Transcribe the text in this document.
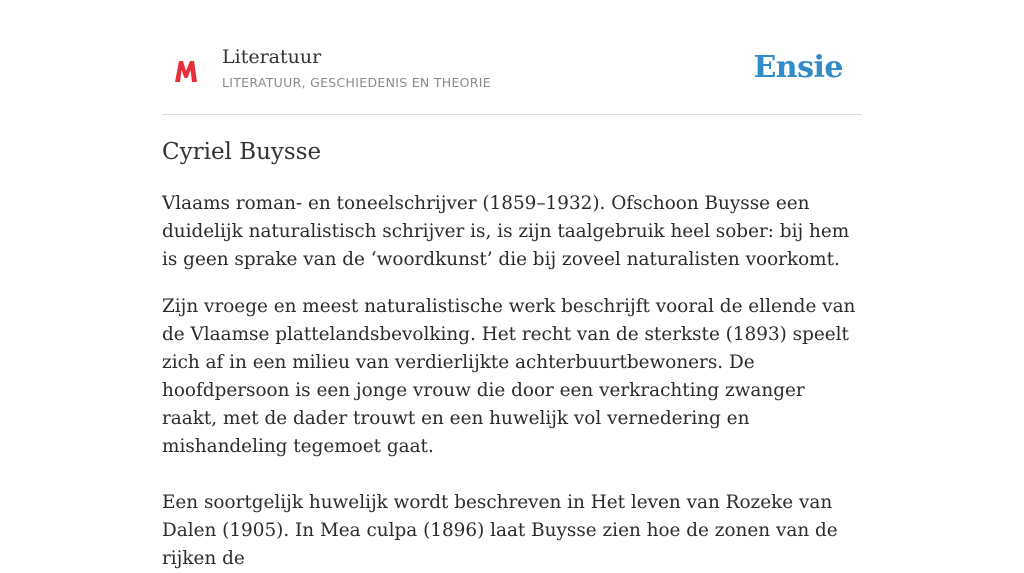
Literatuur
LITERATUUR, GESCHIEDENIS EN THEORIE	Ensie
Cyriel Buysse

Vlaams roman- en toneelschrijver (1859–1932). Ofschoon Buysse een duidelijk naturalistisch schrijver is, is zijn taalgebruik heel sober: bij hem is geen sprake van de ‘woordkunst’ die bij zoveel naturalisten voorkomt.

Zijn vroege en meest naturalistische werk beschrijft vooral de ellende van de Vlaamse plattelandsbevolking. Het recht van de sterkste (1893) speelt zich af in een milieu van verdierlijkte achterbuurtbewoners. De hoofdpersoon is een jonge vrouw die door een verkrachting zwanger raakt, met de dader trouwt en een huwelijk vol vernedering en mishandeling tegemoet gaat.

Een soortgelijk huwelijk wordt beschreven in Het leven van Rozeke van Dalen (1905). In Mea culpa (1896) laat Buysse zien hoe de zonen van de rijken de
